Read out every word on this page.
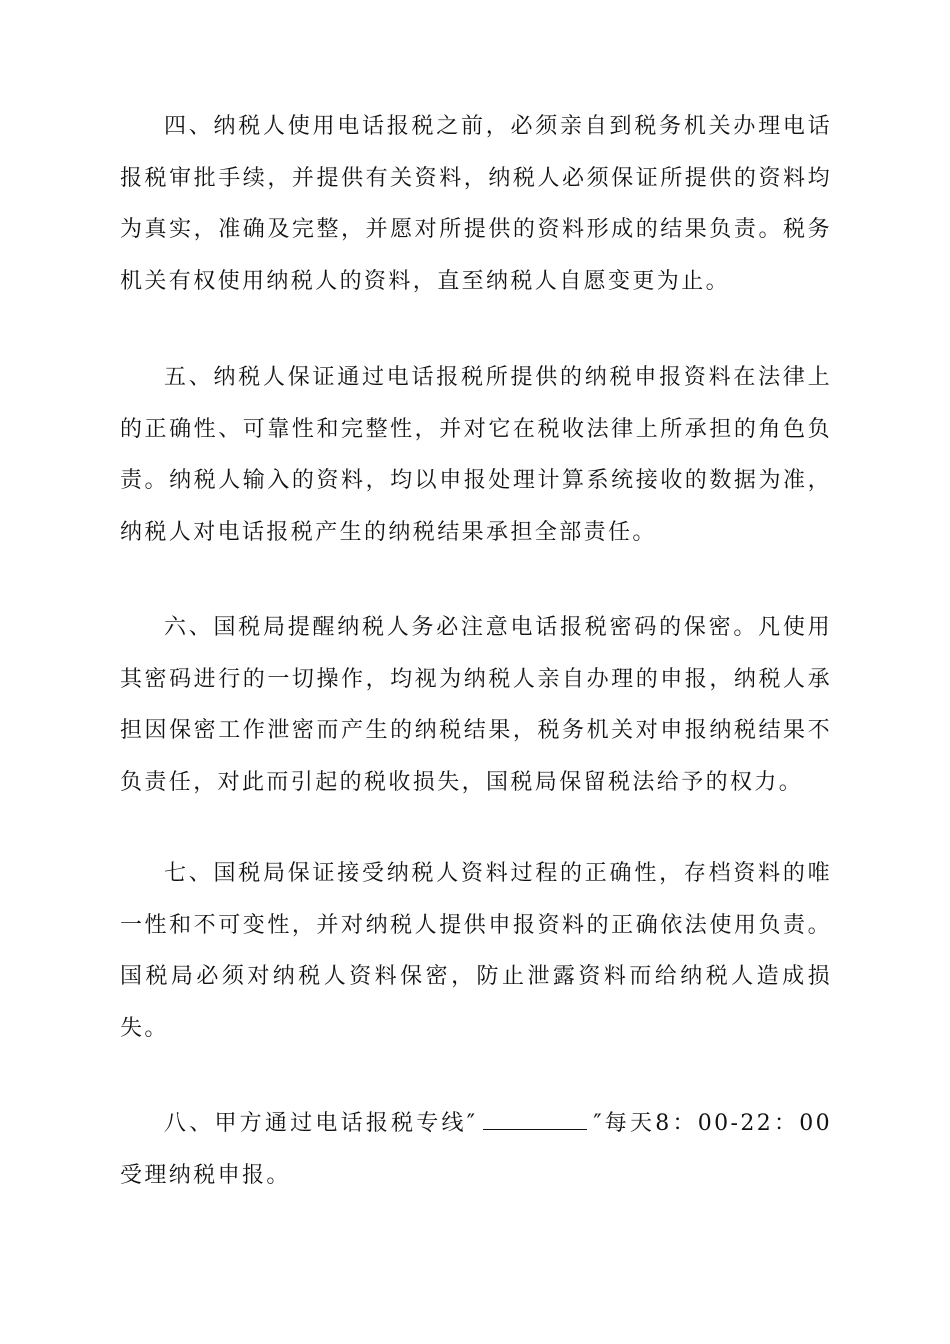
四、纳税人使用电话报税之前，必须亲自到税务机关办理电话报税审批手续，并提供有关资料，纳税人必须保证所提供的资料均为真实，准确及完整，并愿对所提供的资料形成的结果负责。税务机关有权使用纳税人的资料，直至纳税人自愿变更为止。

五、纳税人保证通过电话报税所提供的纳税申报资料在法律上的正确性、可靠性和完整性，并对它在税收法律上所承担的角色负责。纳税人输入的资料，均以申报处理计算系统接收的数据为准，纳税人对电话报税产生的纳税结果承担全部责任。

六、国税局提醒纳税人务必注意电话报税密码的保密。凡使用其密码进行的一切操作，均视为纳税人亲自办理的申报，纳税人承担因保密工作泄密而产生的纳税结果，税务机关对申报纳税结果不负责任，对此而引起的税收损失，国税局保留税法给予的权力。

七、国税局保证接受纳税人资料过程的正确性，存档资料的唯一性和不可变性，并对纳税人提供申报资料的正确依法使用负责。国税局必须对纳税人资料保密，防止泄露资料而给纳税人造成损失。

八、甲方通过电话报税专线″	″每天8：00-22：00受理纳税申报。
